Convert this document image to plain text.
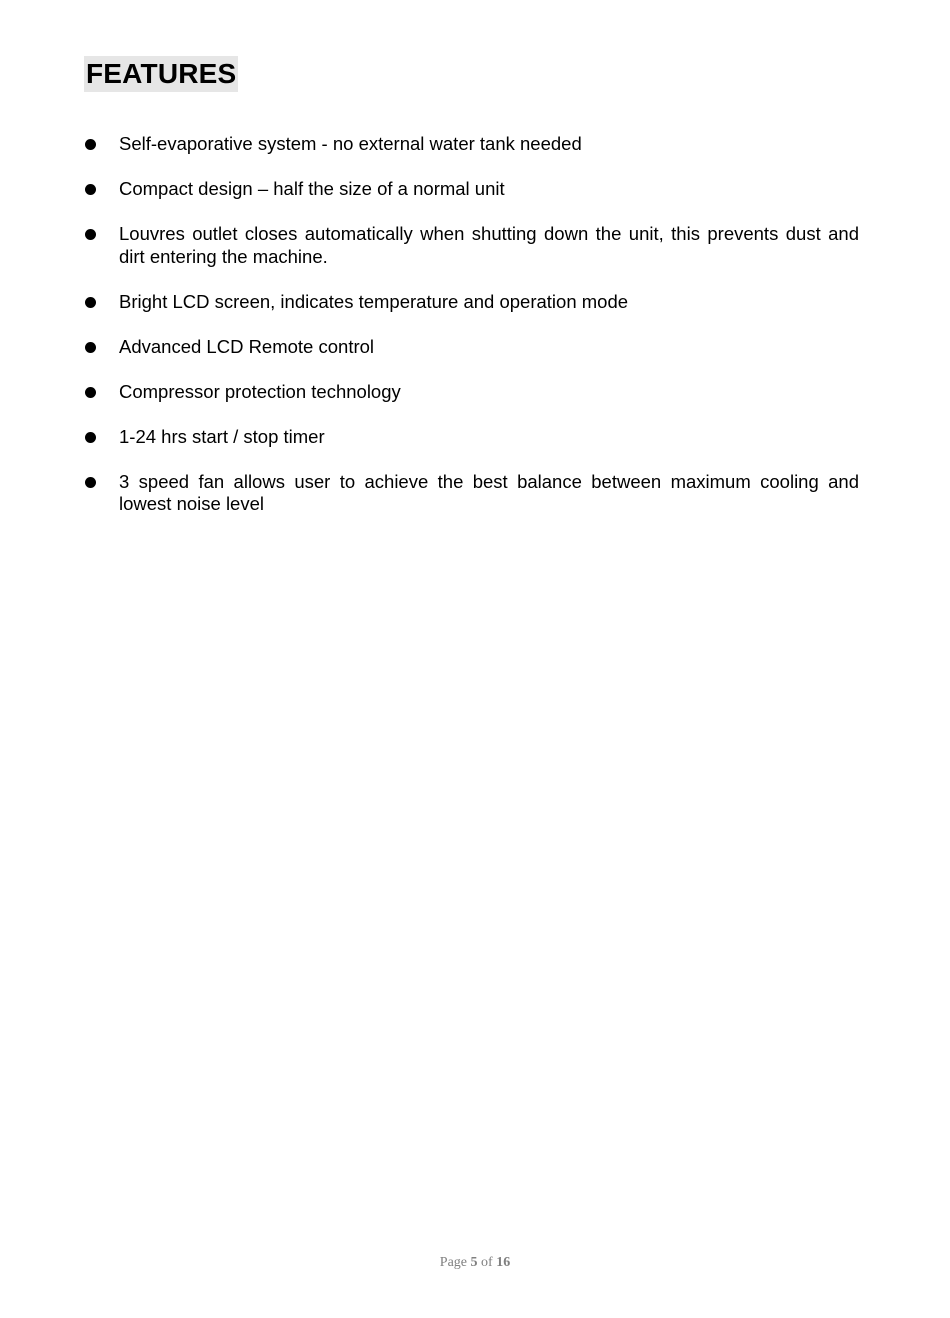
FEATURES
Self-evaporative system - no external water tank needed
Compact design – half the size of a normal unit
Louvres outlet closes automatically when shutting down the unit, this prevents dust and dirt entering the machine.
Bright LCD screen, indicates temperature and operation mode
Advanced LCD Remote control
Compressor protection technology
1-24 hrs start / stop timer
3 speed fan allows user to achieve the best balance between maximum cooling and lowest noise level
Page 5 of 16
